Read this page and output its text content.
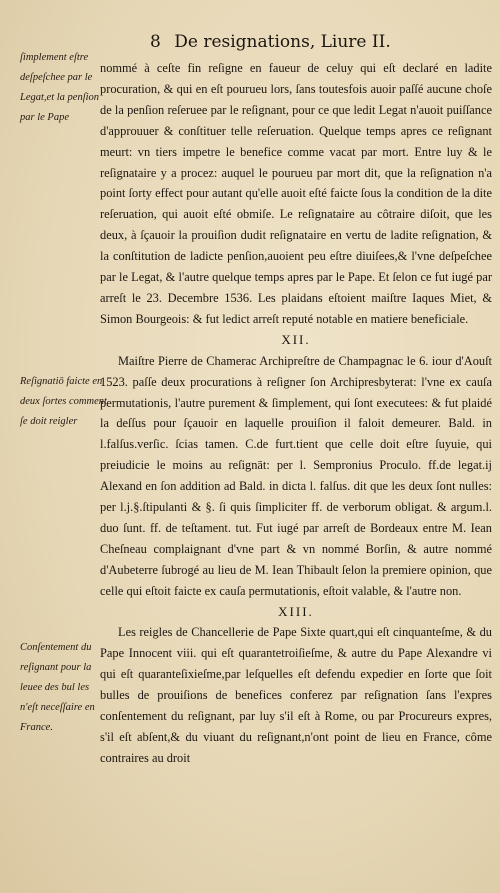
8 De resignations, Liure II.
ſimplement eſtre deſpeſchee par le Legat,et la penſion par le Pape
Reſignatiō faicte en deux ſortes comment ſe doit reigler
Conſentement du reſignant pour la leuee des bul les n'eſt neceſſaire en France.

nommé à ceſte fin reſigne en faueur de celuy qui eſt declaré en ladite procuration, & qui en eſt pourueu lors, ſans toutesfois auoir paſſé aucune choſe de la penſion reſeruee par le reſignant, pour ce que ledit Legat n'auoit puiſſance d'approuuer & conſtituer telle reſeruation. Quelque temps apres ce reſignant meurt: vn tiers impetre le benefice comme vacat par mort. Entre luy & le reſignataire y a procez: auquel le pourueu par mort dit, que la reſignation n'a point ſorty effect pour autant qu'elle auoit eſté faicte ſous la condition de la dite reſeruation, qui auoit eſté obmiſe. Le reſignataire au côtraire diſoit, que les deux, à ſçauoir la prouiſion dudit reſignataire en vertu de ladite reſignation, & la conſtitution de ladicte penſion,auoient peu eſtre diuiſees,& l'vne deſpeſchee par le Legat, & l'autre quelque temps apres par le Pape. Et ſelon ce fut iugé par arreſt le 23. Decembre 1536. Les plaidans eſtoient maiſtre Iaques Miet, & Simon Bourgeois: & fut ledict arreſt reputé notable en matiere beneficiale.

XII.

Maiſtre Pierre de Chamerac Archipreſtre de Champagnac le 6. iour d'Aouſt 1523. paſſe deux procurations à reſigner ſon Archipresbyterat: l'vne ex cauſa permutationis, l'autre purement & ſimplement, qui ſont executees: & fut plaidé la deſſus pour ſçauoir en laquelle prouiſion il faloit demeurer. Bald. in l.falſus.verſic. ſcias tamen. C.de furt.tient que celle doit eſtre ſuyuie, qui preiudicie le moins au reſignāt: per l. Sempronius Proculo. ff.de legat.ij Alexand en ſon addition ad Bald. in dicta l. falſus. dit que les deux ſont nulles: per l.j.§.ſtipulanti & §. ſi quis ſimpliciter ff. de verborum obligat. & argum.l. duo ſunt. ff. de teſtament. tut. Fut iugé par arreſt de Bordeaux entre M. Iean Cheſneau complaignant d'vne part & vn nommé Borſin, & autre nommé d'Aubeterre ſubrogé au lieu de M. Iean Thibault ſelon la premiere opinion, que celle qui eſtoit faicte ex cauſa permutationis, eſtoit valable, & l'autre non.

XIII.

Les reigles de Chancellerie de Pape Sixte quart,qui eſt cinquanteſme, & du Pape Innocent viii. qui eſt quarantetroiſieſme, & autre du Pape Alexandre vi qui eſt quaranteſixieſme,par leſquelles eſt defendu expedier en ſorte que ſoit bulles de prouiſions de benefices conferez par reſignation ſans l'expres conſentement du reſignant, par luy s'il eſt à Rome, ou par Procureurs expres, s'il eſt abſent,& du viuant du reſignant,n'ont point de lieu en France, côme contraires au droit
